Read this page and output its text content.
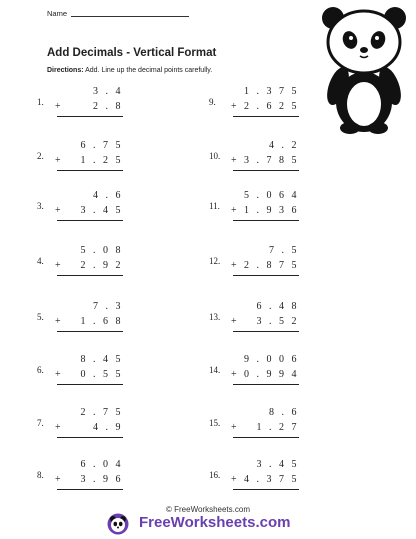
Name
Add Decimals - Vertical Format
Directions: Add. Line up the decimal points carefully.
1.
3 . 4
+	2 . 8
2.
6 . 7 5
+ 1 . 2 5
3.
4 . 6
+ 3 . 4 5
4.
5 . 0 8
+ 2 . 9 2
5.
7 . 3
+ 1 . 6 8
6.
8 . 4 5
+ 0 . 5 5
7.
2 . 7 5
+	4 . 9
8.
6 . 0 4
+ 3 . 9 6
9.
1 . 3 7 5
+ 2 . 6 2 5
10.
4 . 2
+ 3 . 7 8 5
11.
5 . 0 6 4
+ 1 . 9 3 6
12.
7 . 5
+ 2 . 8 7 5
13.
6 . 4 8
+ 3 . 5 2
14.
9 . 0 0 6
+ 0 . 9 9 4
15.
8 . 6
+ 1 . 2 7
16.
3 . 4 5
+ 4 . 3 7 5
© FreeWorksheets.com
FreeWorksheets.com
